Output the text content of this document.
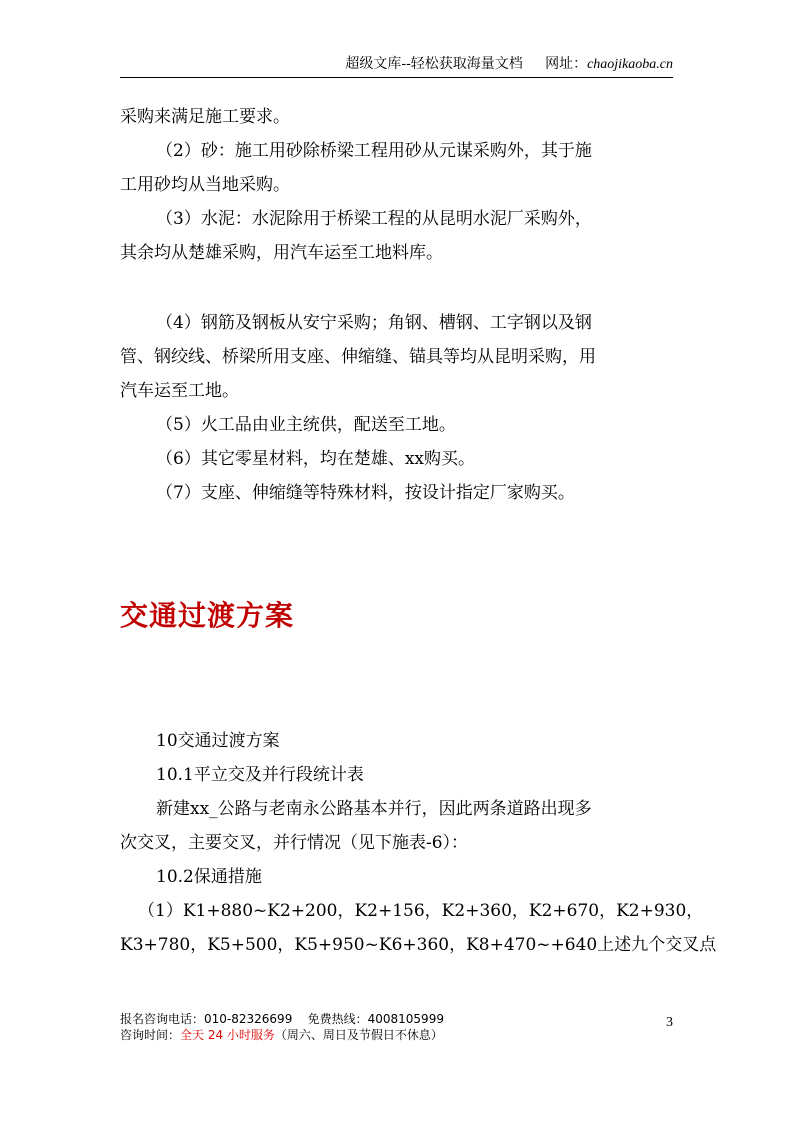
超级文库--轻松获取海量文档 网址：chaojikaoba.cn

采购来满足施工要求。

（2）砂：施工用砂除桥梁工程用砂从元谋采购外，其于施

工用砂均从当地采购。

（3）水泥：水泥除用于桥梁工程的从昆明水泥厂采购外，

其余均从楚雄采购，用汽车运至工地料库。

（4）钢筋及钢板从安宁采购；角钢、槽钢、工字钢以及钢

管、钢绞线、桥梁所用支座、伸缩缝、锚具等均从昆明采购，用

汽车运至工地。

（5）火工品由业主统供，配送至工地。

（6）其它零星材料，均在楚雄、xx购买。

（7）支座、伸缩缝等特殊材料，按设计指定厂家购买。

交通过渡方案

10交通过渡方案

10.1平立交及并行段统计表

新建xx_公路与老南永公路基本并行，因此两条道路出现多

次交叉，主要交叉，并行情况（见下施表-6）：

10.2保通措施

（1）K1+880~K2+200，K2+156，K2+360，K2+670，K2+930，

K3+780，K5+500，K5+950~K6+360，K8+470~+640上述九个交叉点

报名咨询电话：010-82326699 免费热线：4008105999
咨询时间：全天 24 小时服务（周六、周日及节假日不休息）
3
